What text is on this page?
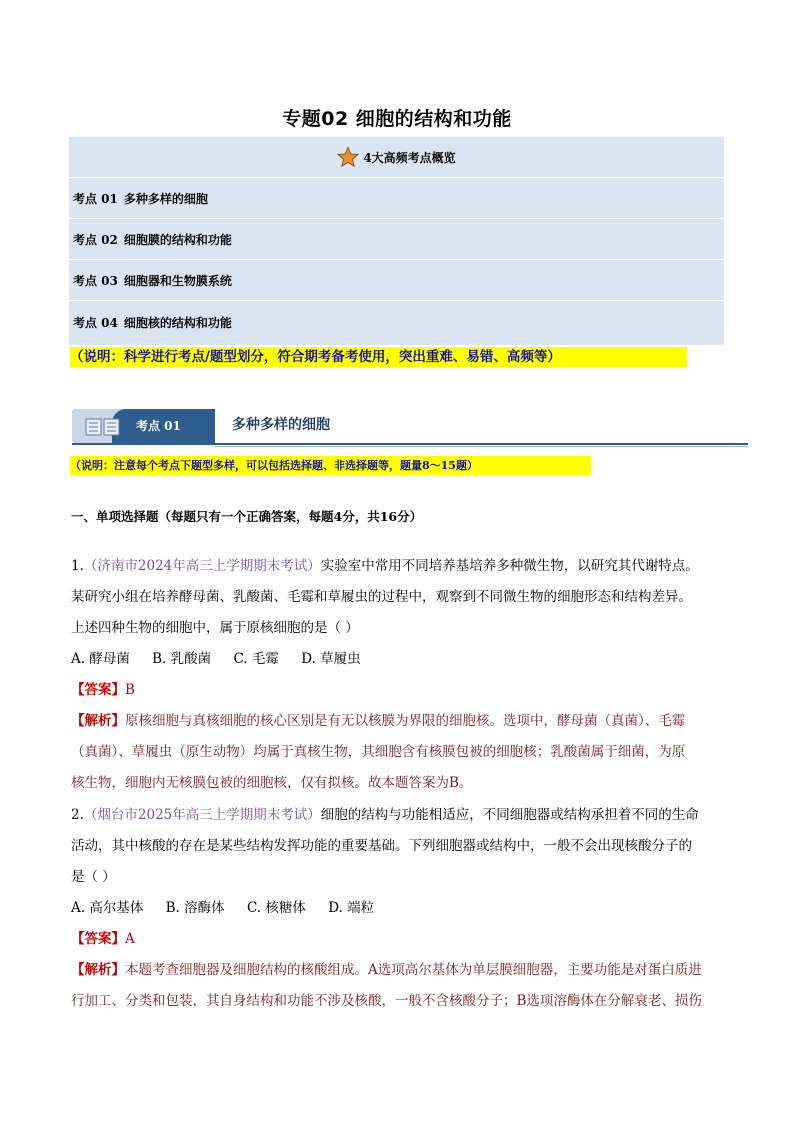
专题02 细胞的结构和功能
4大高频考点概览
考点 01 多种多样的细胞
考点 02 细胞膜的结构和功能
考点 03 细胞器和生物膜系统
考点 04 细胞核的结构和功能
（说明：科学进行考点/题型划分，符合期考备考使用，突出重难、易错、高频等）
考点 01	多种多样的细胞
（说明：注意每个考点下题型多样，可以包括选择题、非选择题等，题量8～15题）
一、单项选择题（每题只有一个正确答案，每题4分，共16分）
1.（济南市2024年高三上学期期末考试）实验室中常用不同培养基培养多种微生物，以研究其代谢特点。
某研究小组在培养酵母菌、乳酸菌、毛霉和草履虫的过程中，观察到不同微生物的细胞形态和结构差异。
上述四种生物的细胞中，属于原核细胞的是（ ）
A. 酵母菌 B. 乳酸菌 C. 毛霉 D. 草履虫
【答案】B
【解析】原核细胞与真核细胞的核心区别是有无以核膜为界限的细胞核。选项中，酵母菌（真菌）、毛霉
（真菌）、草履虫（原生动物）均属于真核生物，其细胞含有核膜包被的细胞核；乳酸菌属于细菌，为原
核生物，细胞内无核膜包被的细胞核，仅有拟核。故本题答案为B。
2.（烟台市2025年高三上学期期末考试）细胞的结构与功能相适应，不同细胞器或结构承担着不同的生命
活动，其中核酸的存在是某些结构发挥功能的重要基础。下列细胞器或结构中，一般不会出现核酸分子的
是（ ）
A. 高尔基体 B. 溶酶体 C. 核糖体 D. 端粒
【答案】A
【解析】本题考查细胞器及细胞结构的核酸组成。A选项高尔基体为单层膜细胞器，主要功能是对蛋白质进
行加工、分类和包装，其自身结构和功能不涉及核酸，一般不含核酸分子；B选项溶酶体在分解衰老、损伤
